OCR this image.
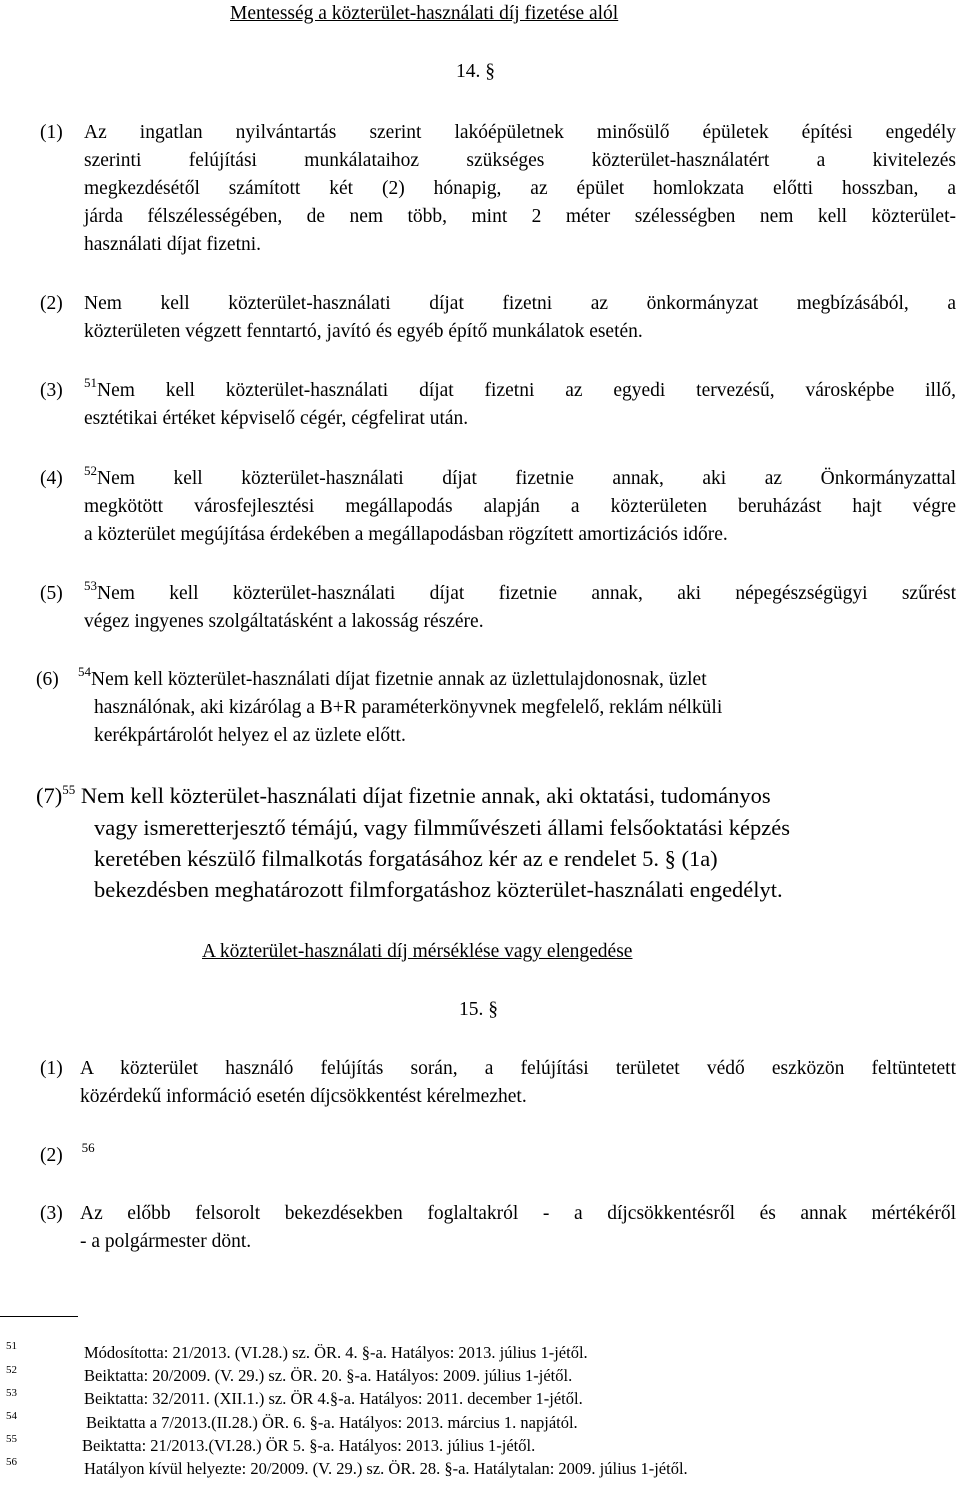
Mentesség a közterület-használati díj fizetése alól
14. §
(1) Az ingatlan nyilvántartás szerint lakóépületnek minősülő épületek építési engedély
szerinti felújítási munkálataihoz szükséges közterület-használatért a kivitelezés
megkezdésétől számított két (2) hónapig, az épület homlokzata előtti hosszban, a
járda félszélességében, de nem több, mint 2 méter szélességben nem kell közterület-
használati díjat fizetni.
(2) Nem kell közterület-használati díjat fizetni az önkormányzat megbízásából, a
közterületen végzett fenntartó, javító és egyéb építő munkálatok esetén.
(3) $^{51}$Nem kell közterület-használati díjat fizetni az egyedi tervezésű, városképbe illő,
esztétikai értéket képviselő cégér, cégfelirat után.
(4) $^{52}$Nem kell közterület-használati díjat fizetnie annak, aki az Önkormányzattal
megkötött városfejlesztési megállapodás alapján a közterületen beruházást hajt végre
a közterület megújítása érdekében a megállapodásban rögzített amortizációs időre.
(5) $^{53}$Nem kell közterület-használati díjat fizetnie annak, aki népegészségügyi szűrést
végez ingyenes szolgáltatásként a lakosság részére.
(6) $^{54}$Nem kell közterület-használati díjat fizetnie annak az üzlettulajdonosnak, üzlet
használónak, aki kizárólag a B+R paraméterkönyvnek megfelelő, reklám nélküli
kerékpártárolót helyez el az üzlete előtt.
$(7)^{55}$ Nem kell közterület-használati díjat fizetnie annak, aki oktatási, tudományos
vagy ismeretterjesztő témájú, vagy filmművészeti állami felsőoktatási képzés
keretében készülő filmalkotás forgatásához kér az e rendelet 5. § (1a)
bekezdésben meghatározott filmforgatáshoz közterület-használati engedélyt.
A közterület-használati díj mérséklése vagy elengedése
15. §
(1) A közterület használó felújítás során, a felújítási területet védő eszközön feltüntetett
közérdekű információ esetén díjcsökkentést kérelmezhet.
(2) $^{56}$
(3) Az előbb felsorolt bekezdésekben foglaltakról - a díjcsökkentésről és annak mértékéről
- a polgármester dönt.
51	Módosította: 21/2013. (VI.28.) sz. ÖR. 4. §-a. Hatályos: 2013. július 1-jétől.
52	Beiktatta: 20/2009. (V. 29.) sz. ÖR. 20. §-a. Hatályos: 2009. július 1-jétől.
53	Beiktatta: 32/2011. (XII.1.) sz. ÖR 4.§-a. Hatályos: 2011. december 1-jétől.
54	Beiktatta a 7/2013.(II.28.) ÖR. 6. §-a. Hatályos: 2013. március 1. napjától.
55	Beiktatta: 21/2013.(VI.28.) ÖR 5. §-a. Hatályos: 2013. július 1-jétől.
56	Hatályon kívül helyezte: 20/2009. (V. 29.) sz. ÖR. 28. §-a. Hatálytalan: 2009. július 1-jétől.
